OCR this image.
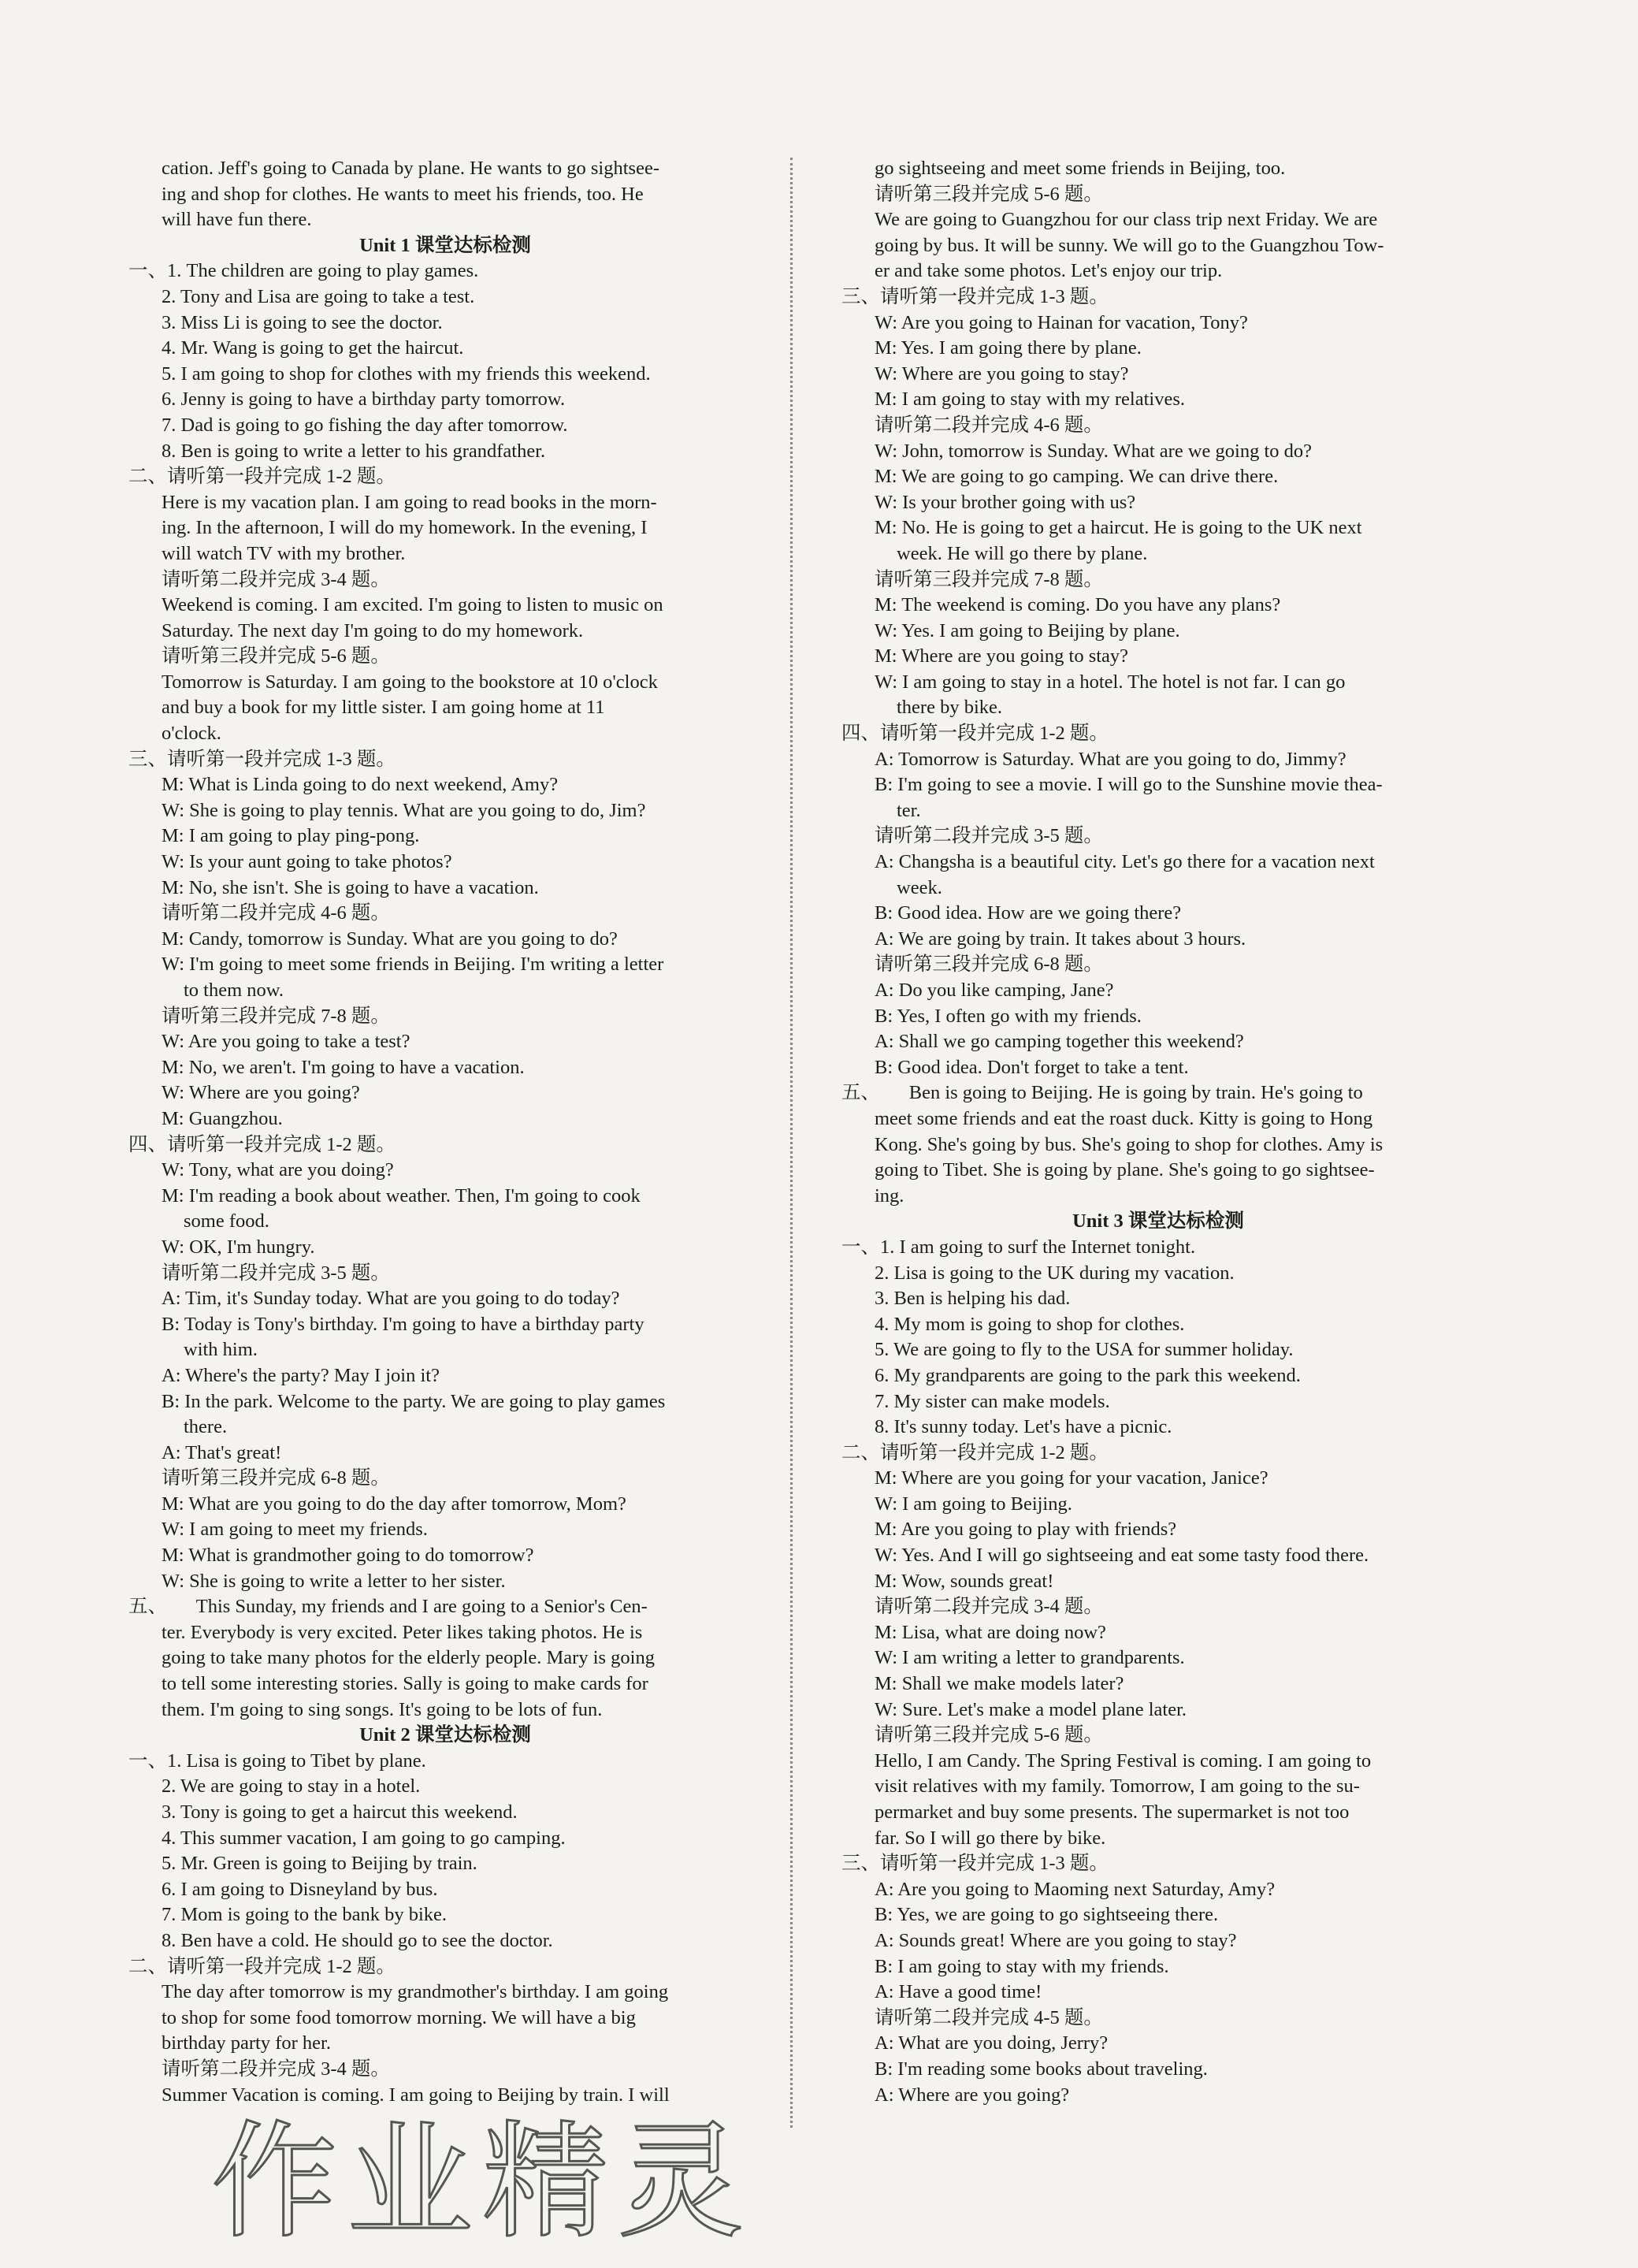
cation. Jeff's going to Canada by plane. He wants to go sightsee-
ing and shop for clothes. He wants to meet his friends, too. He
will have fun there.
Unit 1 课堂达标检测
一、1. The children are going to play games.
2. Tony and Lisa are going to take a test.
3. Miss Li is going to see the doctor.
4. Mr. Wang is going to get the haircut.
5. I am going to shop for clothes with my friends this weekend.
6. Jenny is going to have a birthday party tomorrow.
7. Dad is going to go fishing the day after tomorrow.
8. Ben is going to write a letter to his grandfather.
二、请听第一段并完成 1-2 题。
Here is my vacation plan. I am going to read books in the morn-
ing. In the afternoon, I will do my homework. In the evening, I
will watch TV with my brother.
请听第二段并完成 3-4 题。
Weekend is coming. I am excited. I'm going to listen to music on
Saturday. The next day I'm going to do my homework.
请听第三段并完成 5-6 题。
Tomorrow is Saturday. I am going to the bookstore at 10 o'clock
and buy a book for my little sister. I am going home at 11
o'clock.
三、请听第一段并完成 1-3 题。
M: What is Linda going to do next weekend, Amy?
W: She is going to play tennis. What are you going to do, Jim?
M: I am going to play ping-pong.
W: Is your aunt going to take photos?
M: No, she isn't. She is going to have a vacation.
请听第二段并完成 4-6 题。
M: Candy, tomorrow is Sunday. What are you going to do?
W: I'm going to meet some friends in Beijing. I'm writing a letter
to them now.
请听第三段并完成 7-8 题。
W: Are you going to take a test?
M: No, we aren't. I'm going to have a vacation.
W: Where are you going?
M: Guangzhou.
四、请听第一段并完成 1-2 题。
W: Tony, what are you doing?
M: I'm reading a book about weather. Then, I'm going to cook
some food.
W: OK, I'm hungry.
请听第二段并完成 3-5 题。
A: Tim, it's Sunday today. What are you going to do today?
B: Today is Tony's birthday. I'm going to have a birthday party
with him.
A: Where's the party? May I join it?
B: In the park. Welcome to the party. We are going to play games
there.
A: That's great!
请听第三段并完成 6-8 题。
M: What are you going to do the day after tomorrow, Mom?
W: I am going to meet my friends.
M: What is grandmother going to do tomorrow?
W: She is going to write a letter to her sister.
五、　　This Sunday, my friends and I are going to a Senior's Cen-
ter. Everybody is very excited. Peter likes taking photos. He is
going to take many photos for the elderly people. Mary is going
to tell some interesting stories. Sally is going to make cards for
them. I'm going to sing songs. It's going to be lots of fun.
Unit 2 课堂达标检测
一、1. Lisa is going to Tibet by plane.
2. We are going to stay in a hotel.
3. Tony is going to get a haircut this weekend.
4. This summer vacation, I am going to go camping.
5. Mr. Green is going to Beijing by train.
6. I am going to Disneyland by bus.
7. Mom is going to the bank by bike.
8. Ben have a cold. He should go to see the doctor.
二、请听第一段并完成 1-2 题。
The day after tomorrow is my grandmother's birthday. I am going
to shop for some food tomorrow morning. We will have a big
birthday party for her.
请听第二段并完成 3-4 题。
Summer Vacation is coming. I am going to Beijing by train. I will
go sightseeing and meet some friends in Beijing, too.
请听第三段并完成 5-6 题。
We are going to Guangzhou for our class trip next Friday. We are
going by bus. It will be sunny. We will go to the Guangzhou Tow-
er and take some photos. Let's enjoy our trip.
三、请听第一段并完成 1-3 题。
W: Are you going to Hainan for vacation, Tony?
M: Yes. I am going there by plane.
W: Where are you going to stay?
M: I am going to stay with my relatives.
请听第二段并完成 4-6 题。
W: John, tomorrow is Sunday. What are we going to do?
M: We are going to go camping. We can drive there.
W: Is your brother going with us?
M: No. He is going to get a haircut. He is going to the UK next
week. He will go there by plane.
请听第三段并完成 7-8 题。
M: The weekend is coming. Do you have any plans?
W: Yes. I am going to Beijing by plane.
M: Where are you going to stay?
W: I am going to stay in a hotel. The hotel is not far. I can go
there by bike.
四、请听第一段并完成 1-2 题。
A: Tomorrow is Saturday. What are you going to do, Jimmy?
B: I'm going to see a movie. I will go to the Sunshine movie thea-
ter.
请听第二段并完成 3-5 题。
A: Changsha is a beautiful city. Let's go there for a vacation next
week.
B: Good idea. How are we going there?
A: We are going by train. It takes about 3 hours.
请听第三段并完成 6-8 题。
A: Do you like camping, Jane?
B: Yes, I often go with my friends.
A: Shall we go camping together this weekend?
B: Good idea. Don't forget to take a tent.
五、　　Ben is going to Beijing. He is going by train. He's going to
meet some friends and eat the roast duck. Kitty is going to Hong
Kong. She's going by bus. She's going to shop for clothes. Amy is
going to Tibet. She is going by plane. She's going to go sightsee-
ing.
Unit 3 课堂达标检测
一、1. I am going to surf the Internet tonight.
2. Lisa is going to the UK during my vacation.
3. Ben is helping his dad.
4. My mom is going to shop for clothes.
5. We are going to fly to the USA for summer holiday.
6. My grandparents are going to the park this weekend.
7. My sister can make models.
8. It's sunny today. Let's have a picnic.
二、请听第一段并完成 1-2 题。
M: Where are you going for your vacation, Janice?
W: I am going to Beijing.
M: Are you going to play with friends?
W: Yes. And I will go sightseeing and eat some tasty food there.
M: Wow, sounds great!
请听第二段并完成 3-4 题。
M: Lisa, what are doing now?
W: I am writing a letter to grandparents.
M: Shall we make models later?
W: Sure. Let's make a model plane later.
请听第三段并完成 5-6 题。
Hello, I am Candy. The Spring Festival is coming. I am going to
visit relatives with my family. Tomorrow, I am going to the su-
permarket and buy some presents. The supermarket is not too
far. So I will go there by bike.
三、请听第一段并完成 1-3 题。
A: Are you going to Maoming next Saturday, Amy?
B: Yes, we are going to go sightseeing there.
A: Sounds great! Where are you going to stay?
B: I am going to stay with my friends.
A: Have a good time!
请听第二段并完成 4-5 题。
A: What are you doing, Jerry?
B: I'm reading some books about traveling.
A: Where are you going?
作业精灵
